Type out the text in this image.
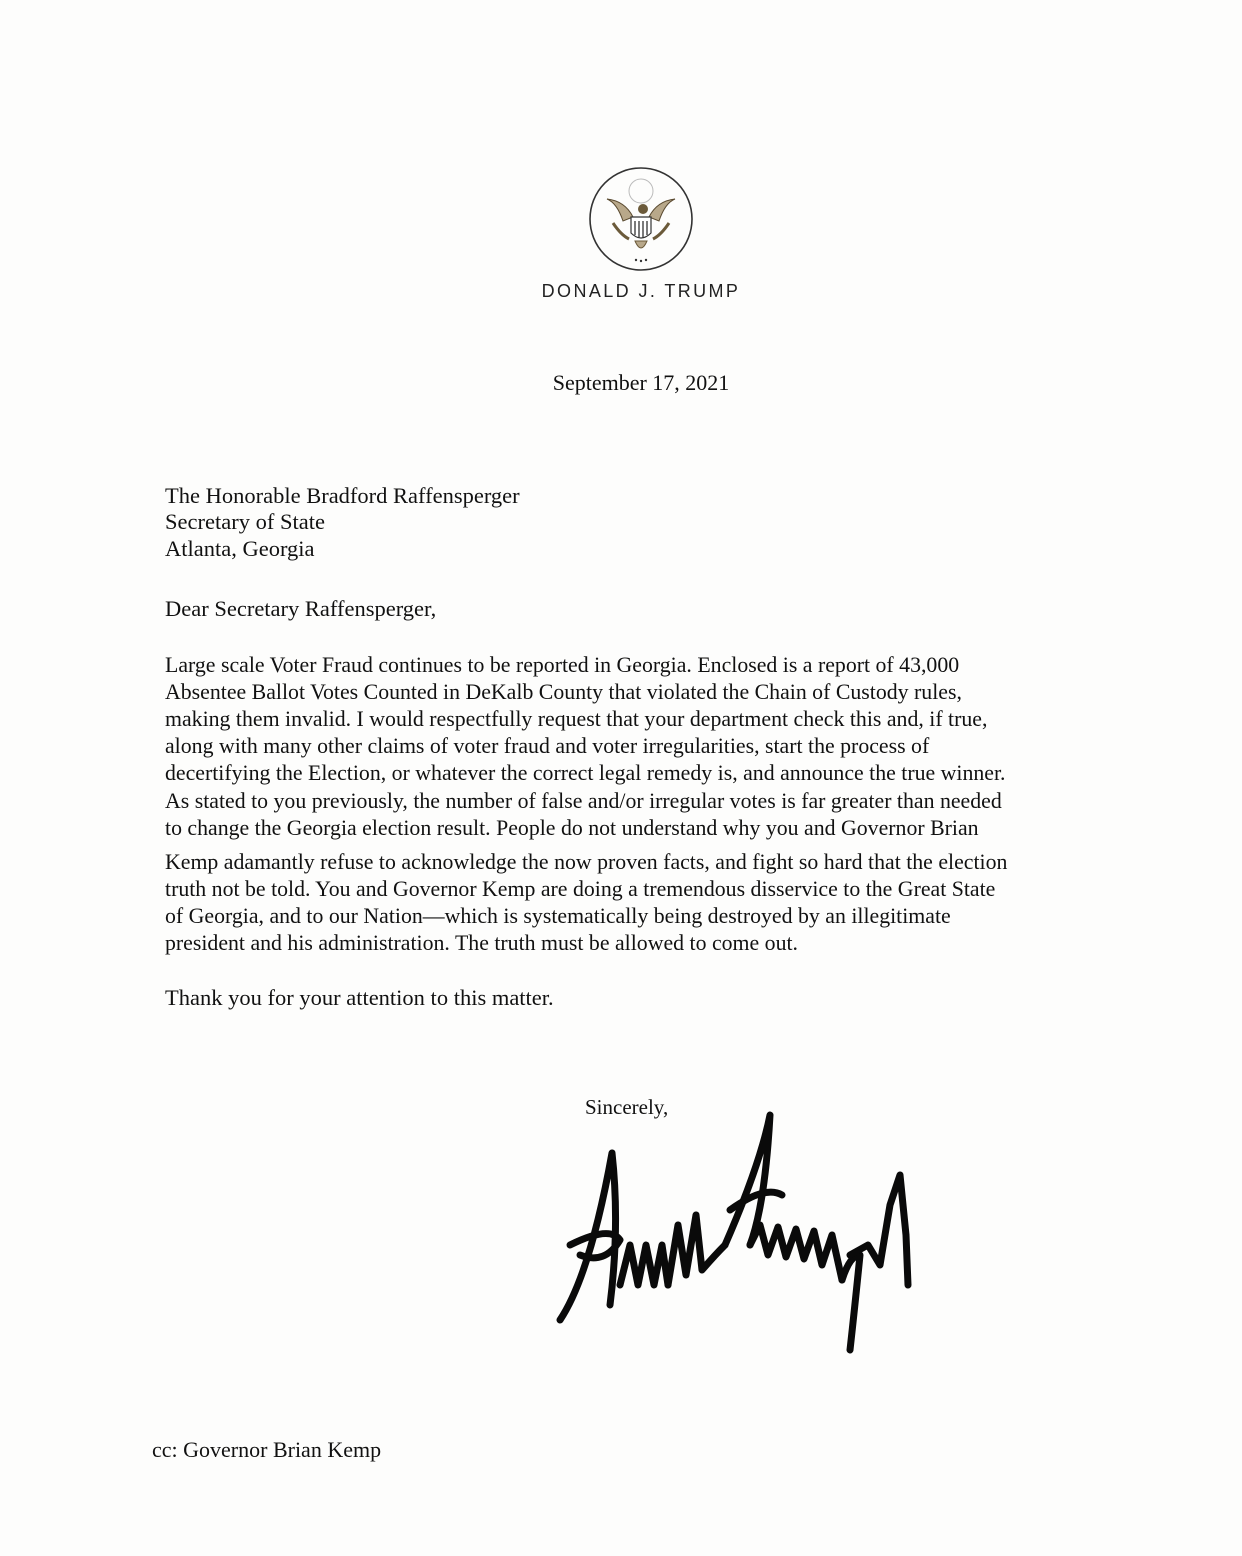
DONALD J. TRUMP
September 17, 2021
The Honorable Bradford Raffensperger
Secretary of State
Atlanta, Georgia
Dear Secretary Raffensperger,
Large scale Voter Fraud continues to be reported in Georgia. Enclosed is a report of 43,000
Absentee Ballot Votes Counted in DeKalb County that violated the Chain of Custody rules,
making them invalid. I would respectfully request that your department check this and, if true,
along with many other claims of voter fraud and voter irregularities, start the process of
decertifying the Election, or whatever the correct legal remedy is, and announce the true winner.
As stated to you previously, the number of false and/or irregular votes is far greater than needed
to change the Georgia election result. People do not understand why you and Governor Brian
Kemp adamantly refuse to acknowledge the now proven facts, and fight so hard that the election
truth not be told. You and Governor Kemp are doing a tremendous disservice to the Great State
of Georgia, and to our Nation—which is systematically being destroyed by an illegitimate
president and his administration. The truth must be allowed to come out.
Thank you for your attention to this matter.
Sincerely,
cc: Governor Brian Kemp
